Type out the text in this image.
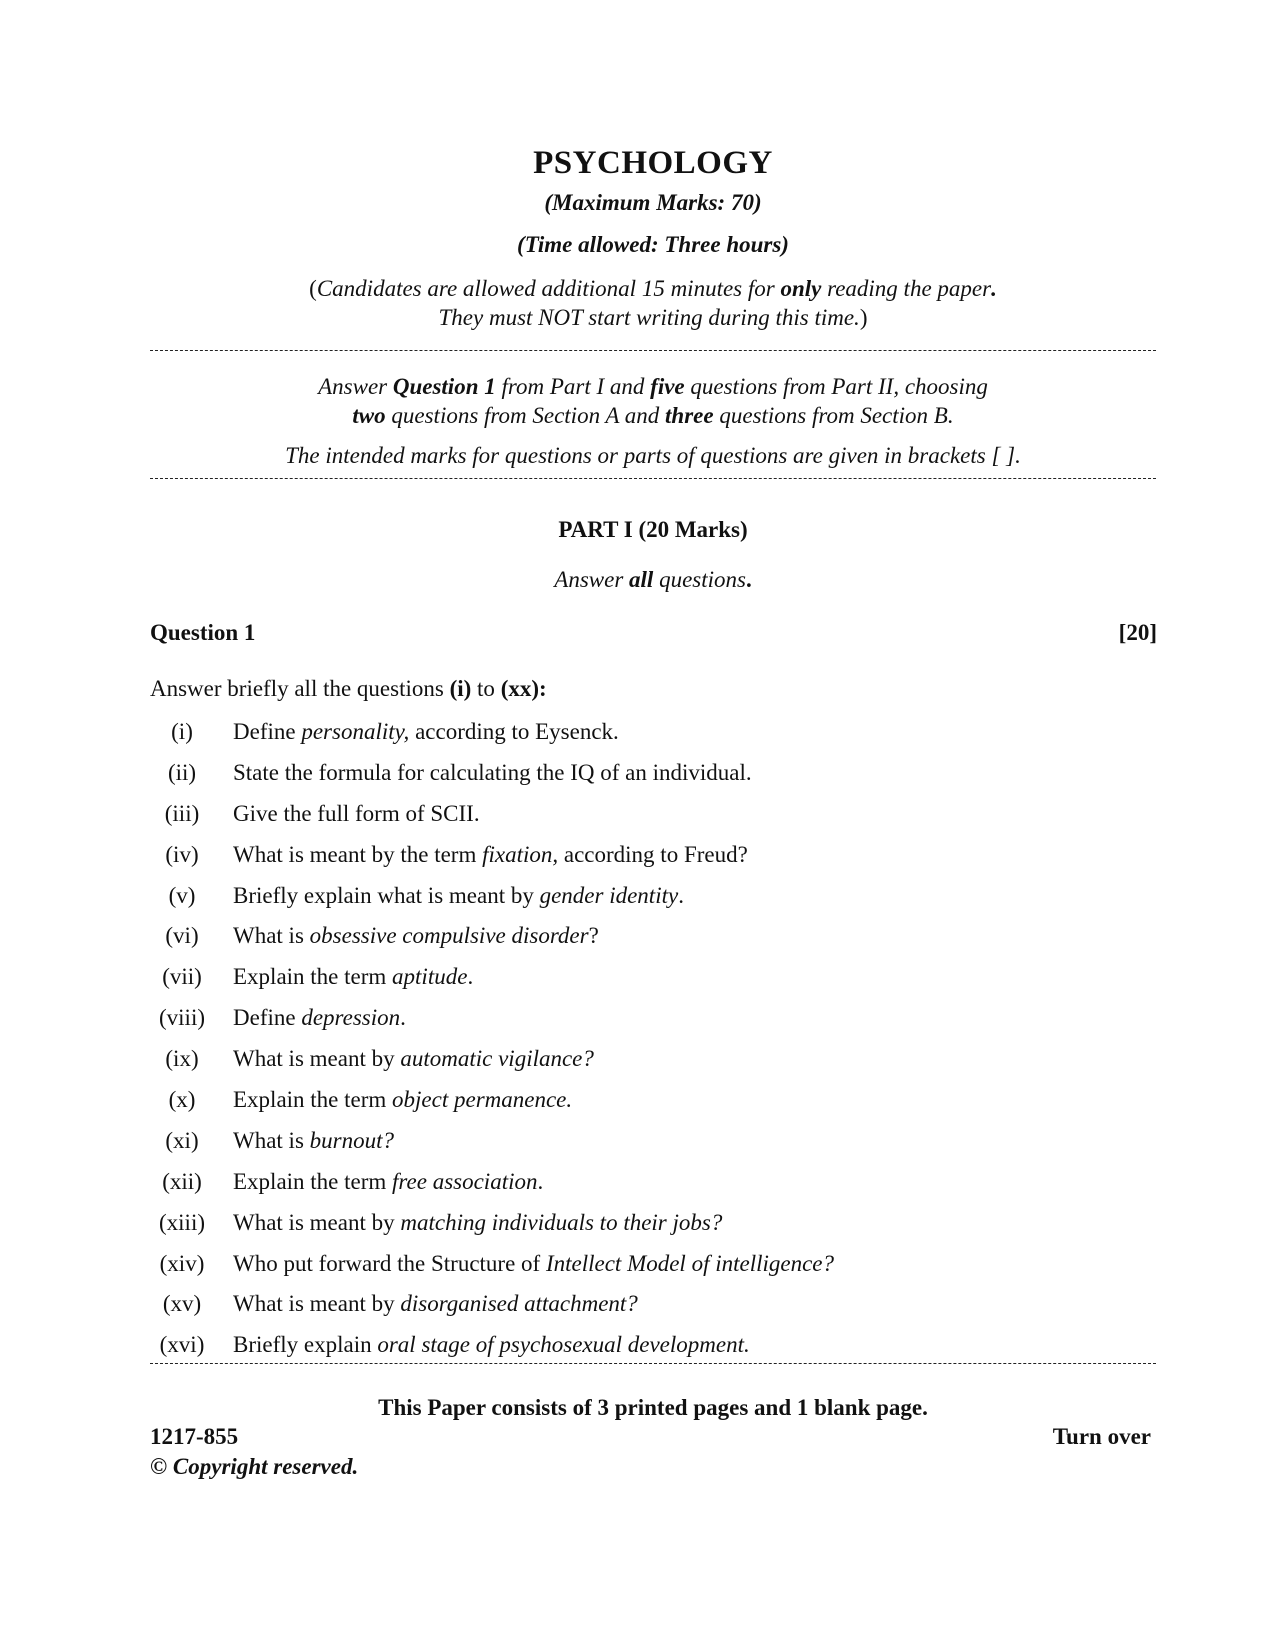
PSYCHOLOGY
(Maximum Marks: 70)
(Time allowed: Three hours)
(Candidates are allowed additional 15 minutes for only reading the paper.
They must NOT start writing during this time.)
Answer Question 1 from Part I and five questions from Part II, choosing
two questions from Section A and three questions from Section B.
The intended marks for questions or parts of questions are given in brackets [ ].
PART I (20 Marks)
Answer all questions.
Question 1	[20]
Answer briefly all the questions (i) to (xx):
(i)	Define personality, according to Eysenck.
(ii)	State the formula for calculating the IQ of an individual.
(iii)	Give the full form of SCII.
(iv)	What is meant by the term fixation, according to Freud?
(v)	Briefly explain what is meant by gender identity.
(vi)	What is obsessive compulsive disorder?
(vii)	Explain the term aptitude.
(viii)	Define depression.
(ix)	What is meant by automatic vigilance?
(x)	Explain the term object permanence.
(xi)	What is burnout?
(xii)	Explain the term free association.
(xiii)	What is meant by matching individuals to their jobs?
(xiv)	Who put forward the Structure of Intellect Model of intelligence?
(xv)	What is meant by disorganised attachment?
(xvi)	Briefly explain oral stage of psychosexual development.
This Paper consists of 3 printed pages and 1 blank page.
1217-855	Turn over
© Copyright reserved.
